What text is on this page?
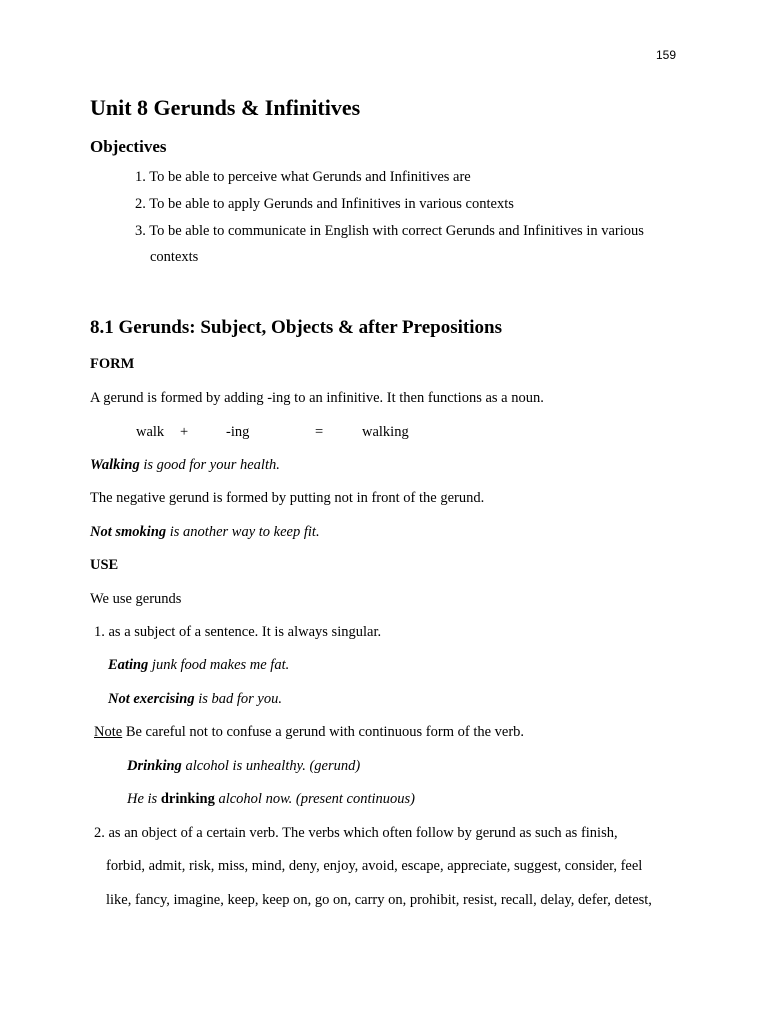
159
Unit 8 Gerunds & Infinitives
Objectives
1. To be able to perceive what Gerunds and Infinitives are
2. To be able to apply Gerunds and Infinitives in various contexts
3. To be able to communicate in English with correct Gerunds and Infinitives in various
contexts
8.1 Gerunds: Subject, Objects & after Prepositions
FORM
A gerund is formed by adding -ing to an infinitive. It then functions as a noun.
walk +	-ing	=	walking
Walking is good for your health.
The negative gerund is formed by putting not in front of the gerund.
Not smoking is another way to keep fit.
USE
We use gerunds
1. as a subject of a sentence. It is always singular.
Eating junk food makes me fat.
Not exercising is bad for you.
Note Be careful not to confuse a gerund with continuous form of the verb.
Drinking alcohol is unhealthy. (gerund)
He is drinking alcohol now. (present continuous)
2. as an object of a certain verb. The verbs which often follow by gerund as such as finish,
forbid, admit, risk, miss, mind, deny, enjoy, avoid, escape, appreciate, suggest, consider, feel
like, fancy, imagine, keep, keep on, go on, carry on, prohibit, resist, recall, delay, defer, detest,
